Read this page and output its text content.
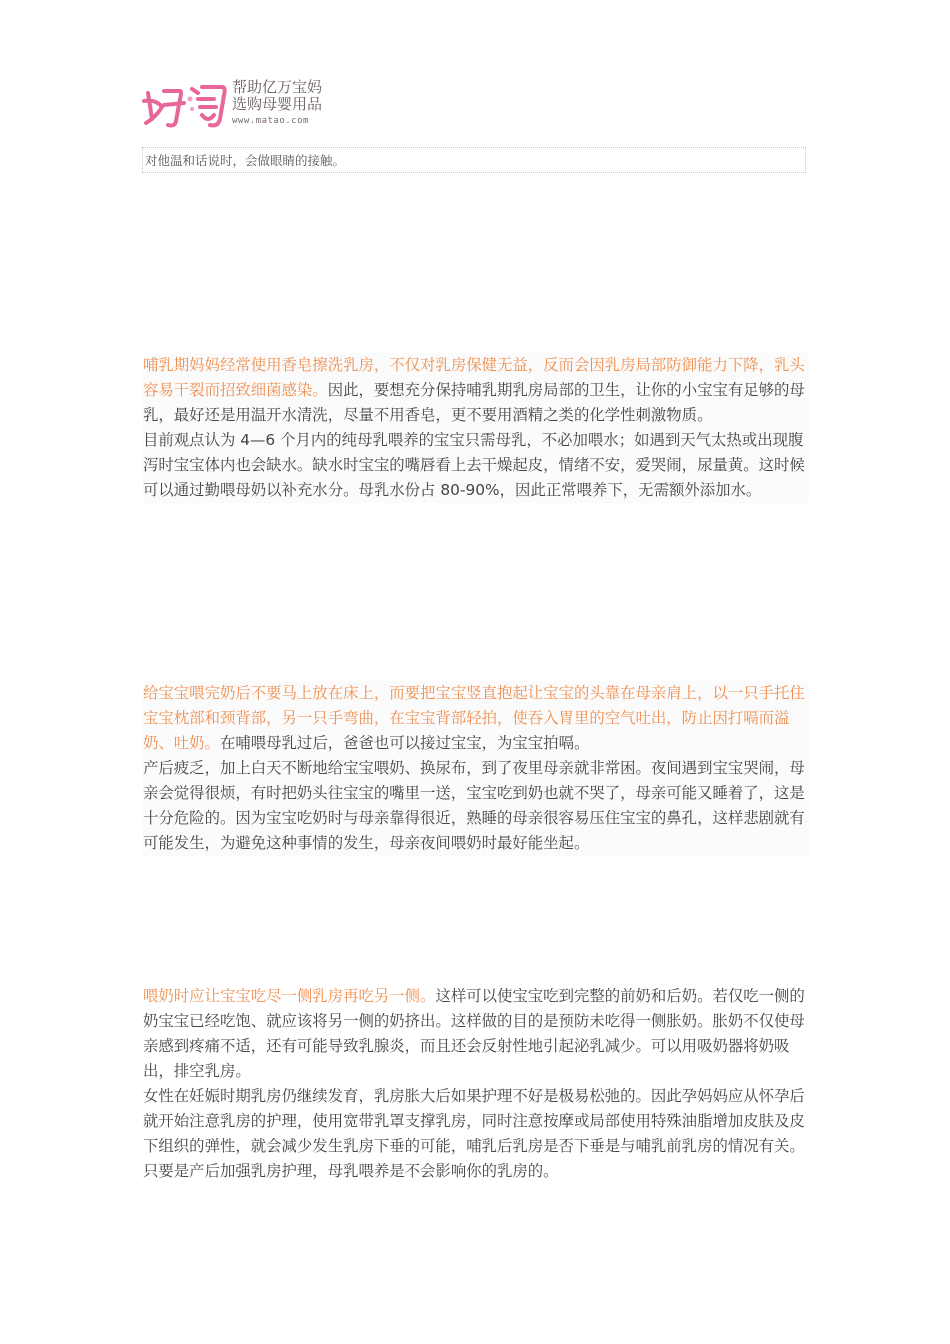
帮助亿万宝妈
选购母婴用品
www.matao.com
对他温和话说时，会做眼睛的接触。

哺乳期妈妈经常使用香皂擦洗乳房，不仅对乳房保健无益，反而会因乳房局部防御能力下降，乳头容易干裂而招致细菌感染。因此，要想充分保持哺乳期乳房局部的卫生，让你的小宝宝有足够的母乳，最好还是用温开水清洗，尽量不用香皂，更不要用酒精之类的化学性刺激物质。

目前观点认为 4—6 个月内的纯母乳喂养的宝宝只需母乳，不必加喂水；如遇到天气太热或出现腹泻时宝宝体内也会缺水。缺水时宝宝的嘴唇看上去干燥起皮，情绪不安，爱哭闹，尿量黄。这时候可以通过勤喂母奶以补充水分。母乳水份占 80-90%，因此正常喂养下，无需额外添加水。

给宝宝喂完奶后不要马上放在床上，而要把宝宝竖直抱起让宝宝的头靠在母亲肩上，以一只手托住宝宝枕部和颈背部，另一只手弯曲，在宝宝背部轻拍，使吞入胃里的空气吐出，防止因打嗝而溢奶、吐奶。在哺喂母乳过后，爸爸也可以接过宝宝，为宝宝拍嗝。

产后疲乏，加上白天不断地给宝宝喂奶、换尿布，到了夜里母亲就非常困。夜间遇到宝宝哭闹，母亲会觉得很烦，有时把奶头往宝宝的嘴里一送，宝宝吃到奶也就不哭了，母亲可能又睡着了，这是十分危险的。因为宝宝吃奶时与母亲靠得很近，熟睡的母亲很容易压住宝宝的鼻孔，这样悲剧就有可能发生，为避免这种事情的发生，母亲夜间喂奶时最好能坐起。

喂奶时应让宝宝吃尽一侧乳房再吃另一侧。这样可以使宝宝吃到完整的前奶和后奶。若仅吃一侧的奶宝宝已经吃饱、就应该将另一侧的奶挤出。这样做的目的是预防未吃得一侧胀奶。胀奶不仅使母亲感到疼痛不适，还有可能导致乳腺炎，而且还会反射性地引起泌乳减少。可以用吸奶器将奶吸出，排空乳房。

女性在妊娠时期乳房仍继续发育，乳房胀大后如果护理不好是极易松弛的。因此孕妈妈应从怀孕后就开始注意乳房的护理，使用宽带乳罩支撑乳房，同时注意按摩或局部使用特殊油脂增加皮肤及皮下组织的弹性，就会减少发生乳房下垂的可能，哺乳后乳房是否下垂是与哺乳前乳房的情况有关。只要是产后加强乳房护理，母乳喂养是不会影响你的乳房的。
